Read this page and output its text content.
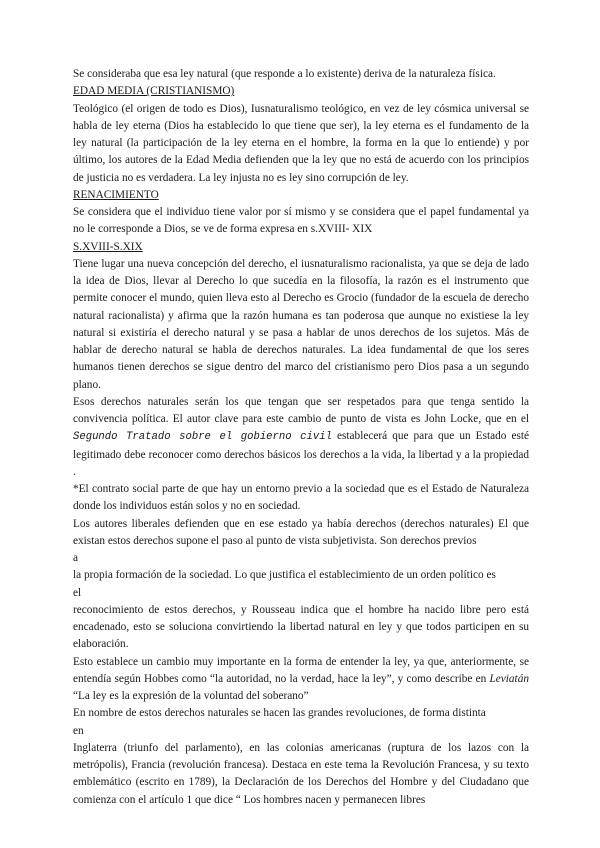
Se consideraba que esa ley natural (que responde a lo existente) deriva de la naturaleza física.

EDAD MEDIA (CRISTIANISMO)

Teológico (el origen de todo es Dios), Iusnaturalismo teológico, en vez de ley cósmica universal se habla de ley eterna (Dios ha establecido lo que tiene que ser), la ley eterna es el fundamento de la ley natural (la participación de la ley eterna en el hombre, la forma en la que lo entiende) y por último, los autores de la Edad Media defienden que la ley que no está de acuerdo con los principios de justicia no es verdadera. La ley injusta no es ley sino corrupción de ley.

RENACIMIENTO

Se considera que el individuo tiene valor por sí mismo y se considera que el papel fundamental ya no le corresponde a Dios, se ve de forma expresa en s.XVIII- XIX

S.XVIII-S.XIX

Tiene lugar una nueva concepción del derecho, el iusnaturalismo racionalista, ya que se deja de lado la idea de Dios, llevar al Derecho lo que sucedía en la filosofía, la razón es el instrumento que permite conocer el mundo, quien lleva esto al Derecho es Grocio (fundador de la escuela de derecho natural racionalista) y afirma que la razón humana es tan poderosa que aunque no existiese la ley natural si existiría el derecho natural y se pasa a hablar de unos derechos de los sujetos. Más de hablar de derecho natural se habla de derechos naturales. La idea fundamental de que los seres humanos tienen derechos se sigue dentro del marco del cristianismo pero Dios pasa a un segundo plano.

Esos derechos naturales serán los que tengan que ser respetados para que tenga sentido la convivencia política. El autor clave para este cambio de punto de vista es John Locke, que en el Segundo Tratado sobre el gobierno civil establecerá que para que un Estado esté legitimado debe reconocer como derechos básicos los derechos a la vida, la libertad y a la propiedad .

*El contrato social parte de que hay un entorno previo a la sociedad que es el Estado de Naturaleza donde los individuos están solos y no en sociedad.

Los autores liberales defienden que en ese estado ya había derechos (derechos naturales) El que existan estos derechos supone el paso al punto de vista subjetivista. Son derechos previos

a

la propia formación de la sociedad. Lo que justifica el establecimiento de un orden político es

el

reconocimiento de estos derechos, y Rousseau indica que el hombre ha nacido libre pero está encadenado, esto se soluciona convirtiendo la libertad natural en ley y que todos participen en su elaboración.

Esto establece un cambio muy importante en la forma de entender la ley, ya que, anteriormente, se entendía según Hobbes como “la autoridad, no la verdad, hace la ley”, y como describe en Leviatán “La ley es la expresión de la voluntad del soberano”

En nombre de estos derechos naturales se hacen las grandes revoluciones, de forma distinta

en

Inglaterra (triunfo del parlamento), en las colonias americanas (ruptura de los lazos con la metrópolis), Francia (revolución francesa). Destaca en este tema la Revolución Francesa, y su texto emblemático (escrito en 1789), la Declaración de los Derechos del Hombre y del Ciudadano que comienza con el artículo 1 que dice “ Los hombres nacen y permanecen libres
